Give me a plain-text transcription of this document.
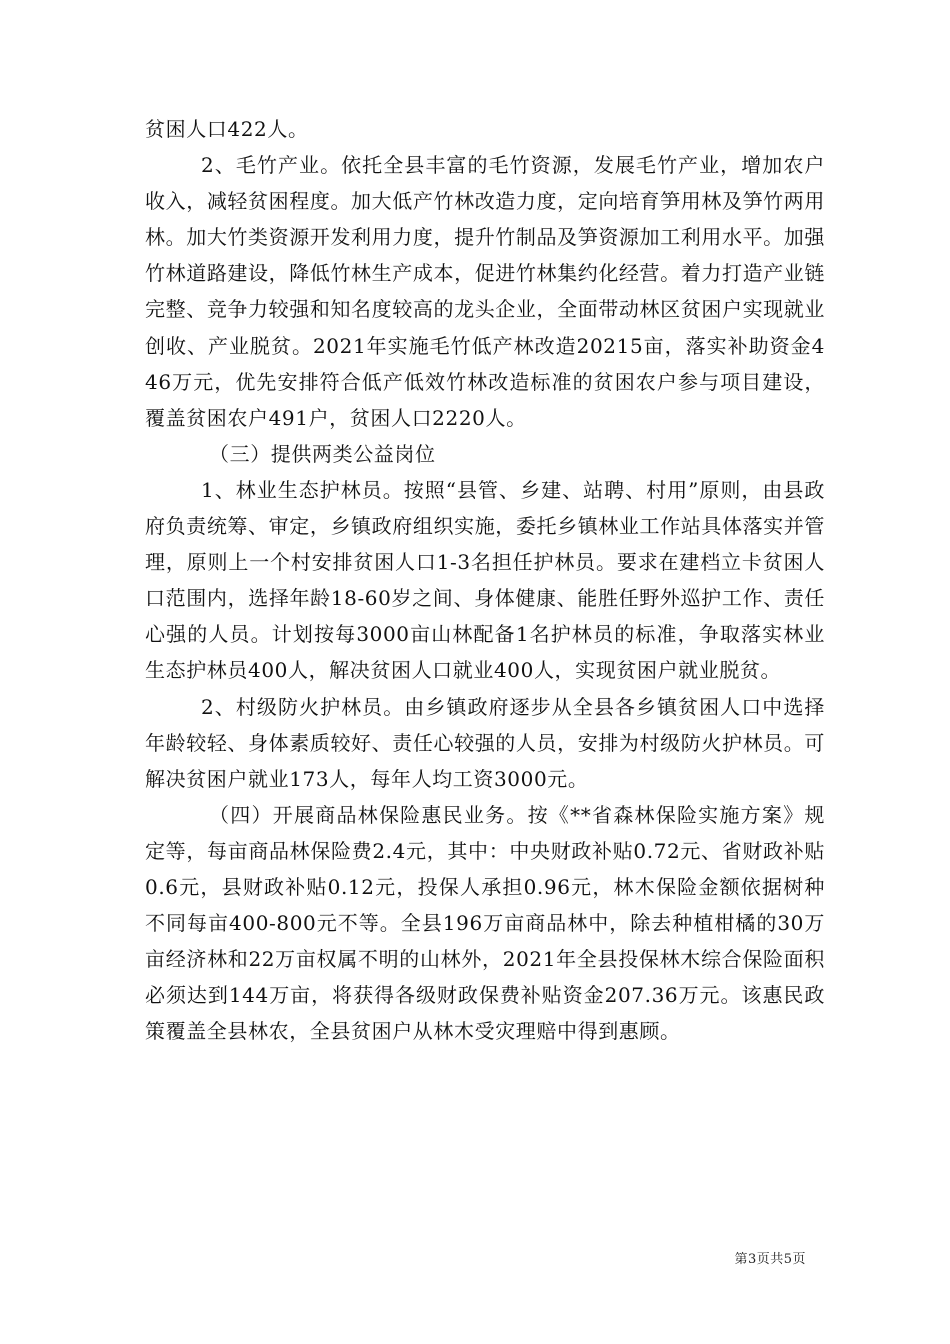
贫困人口422人。

2、毛竹产业。依托全县丰富的毛竹资源，发展毛竹产业，增加农户收入，减轻贫困程度。加大低产竹林改造力度，定向培育笋用林及笋竹两用林。加大竹类资源开发利用力度，提升竹制品及笋资源加工利用水平。加强竹林道路建设，降低竹林生产成本，促进竹林集约化经营。着力打造产业链完整、竞争力较强和知名度较高的龙头企业，全面带动林区贫困户实现就业创收、产业脱贫。2021年实施毛竹低产林改造20215亩，落实补助资金446万元，优先安排符合低产低效竹林改造标准的贫困农户参与项目建设，覆盖贫困农户491户，贫困人口2220人。

（三）提供两类公益岗位

1、林业生态护林员。按照“县管、乡建、站聘、村用”原则，由县政府负责统筹、审定，乡镇政府组织实施，委托乡镇林业工作站具体落实并管理，原则上一个村安排贫困人口1-3名担任护林员。要求在建档立卡贫困人口范围内，选择年龄18-60岁之间、身体健康、能胜任野外巡护工作、责任心强的人员。计划按每3000亩山林配备1名护林员的标准，争取落实林业生态护林员400人，解决贫困人口就业400人，实现贫困户就业脱贫。

2、村级防火护林员。由乡镇政府逐步从全县各乡镇贫困人口中选择年龄较轻、身体素质较好、责任心较强的人员，安排为村级防火护林员。可解决贫困户就业173人，每年人均工资3000元。

（四）开展商品林保险惠民业务。按《**省森林保险实施方案》规定等，每亩商品林保险费2.4元，其中：中央财政补贴0.72元、省财政补贴0.6元，县财政补贴0.12元，投保人承担0.96元，林木保险金额依据树种不同每亩400-800元不等。全县196万亩商品林中，除去种植柑橘的30万亩经济林和22万亩权属不明的山林外，2021年全县投保林木综合保险面积必须达到144万亩，将获得各级财政保费补贴资金207.36万元。该惠民政策覆盖全县林农，全县贫困户从林木受灾理赔中得到惠顾。

第3页共5页
